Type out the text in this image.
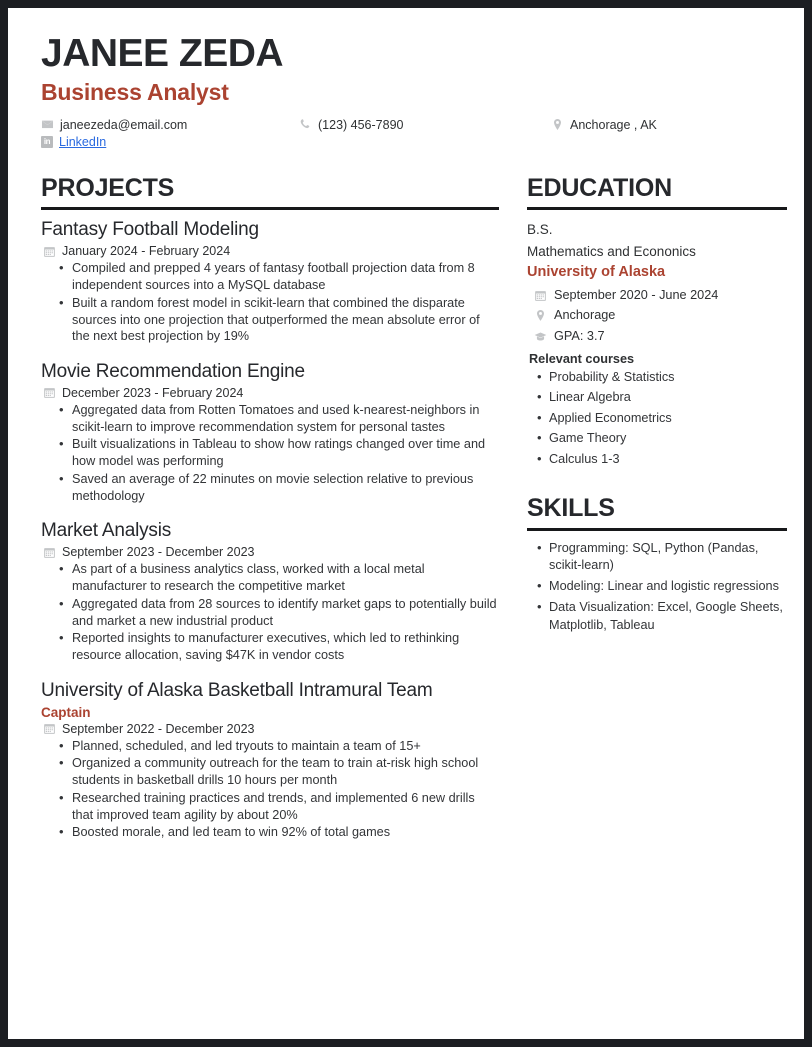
JANEE ZEDA
Business Analyst
janeezeda@email.com	(123) 456-7890	Anchorage , AK
in LinkedIn
PROJECTS
Fantasy Football Modeling
January 2024 - February 2024
• Compiled and prepped 4 years of fantasy football projection data from 8 independent sources into a MySQL database
• Built a random forest model in scikit-learn that combined the disparate sources into one projection that outperformed the mean absolute error of the next best projection by 19%
Movie Recommendation Engine
December 2023 - February 2024
• Aggregated data from Rotten Tomatoes and used k-nearest-neighbors in scikit-learn to improve recommendation system for personal tastes
• Built visualizations in Tableau to show how ratings changed over time and how model was performing
• Saved an average of 22 minutes on movie selection relative to previous methodology
Market Analysis
September 2023 - December 2023
• As part of a business analytics class, worked with a local metal manufacturer to research the competitive market
• Aggregated data from 28 sources to identify market gaps to potentially build and market a new industrial product
• Reported insights to manufacturer executives, which led to rethinking resource allocation, saving $47K in vendor costs
University of Alaska Basketball Intramural Team
Captain
September 2022 - December 2023
• Planned, scheduled, and led tryouts to maintain a team of 15+
• Organized a community outreach for the team to train at-risk high school students in basketball drills 10 hours per month
• Researched training practices and trends, and implemented 6 new drills that improved team agility by about 20%
• Boosted morale, and led team to win 92% of total games
EDUCATION
B.S.
Mathematics and Econonics
University of Alaska
September 2020 - June 2024
Anchorage
GPA: 3.7
Relevant courses
• Probability & Statistics
• Linear Algebra
• Applied Econometrics
• Game Theory
• Calculus 1-3
SKILLS
• Programming: SQL, Python (Pandas, scikit-learn)
• Modeling: Linear and logistic regressions
• Data Visualization: Excel, Google Sheets, Matplotlib, Tableau
